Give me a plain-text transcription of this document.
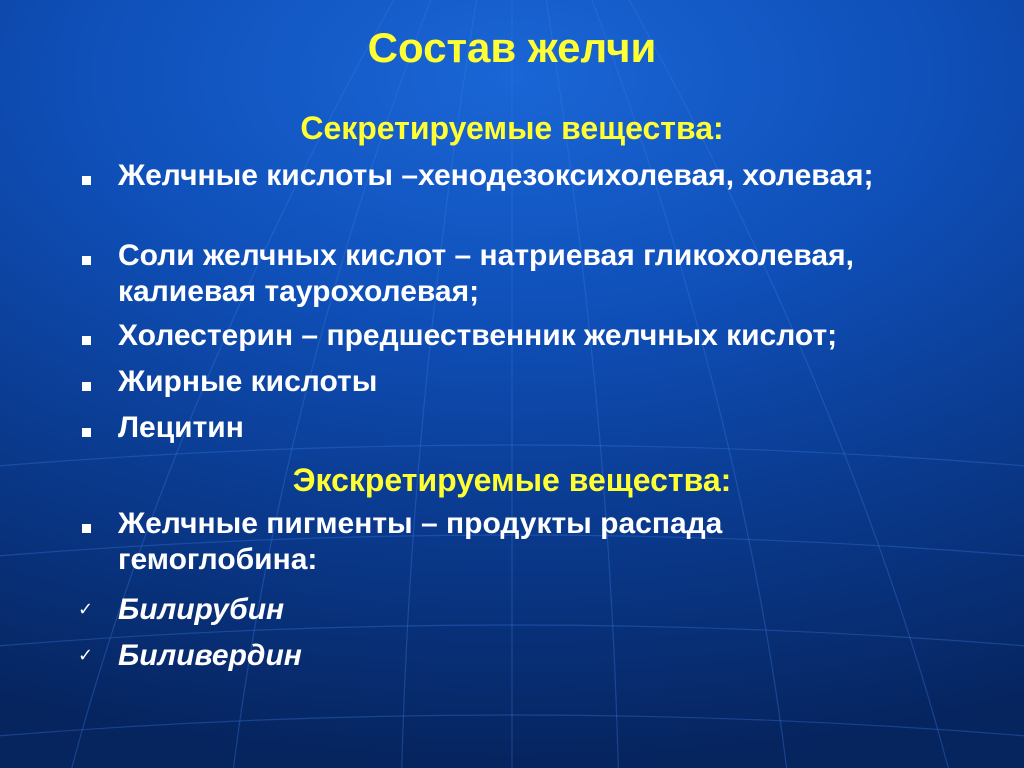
Состав желчи
Секретируемые вещества:
Желчные кислоты –хенодезоксихолевая, холевая;
Соли желчных кислот – натриевая гликохолевая, калиевая таурохолевая;
Холестерин – предшественник желчных кислот;
Жирные кислоты
Лецитин
Экскретируемые вещества:
Желчные пигменты – продукты распада гемоглобина:
✓ Билирубин
✓ Биливердин
